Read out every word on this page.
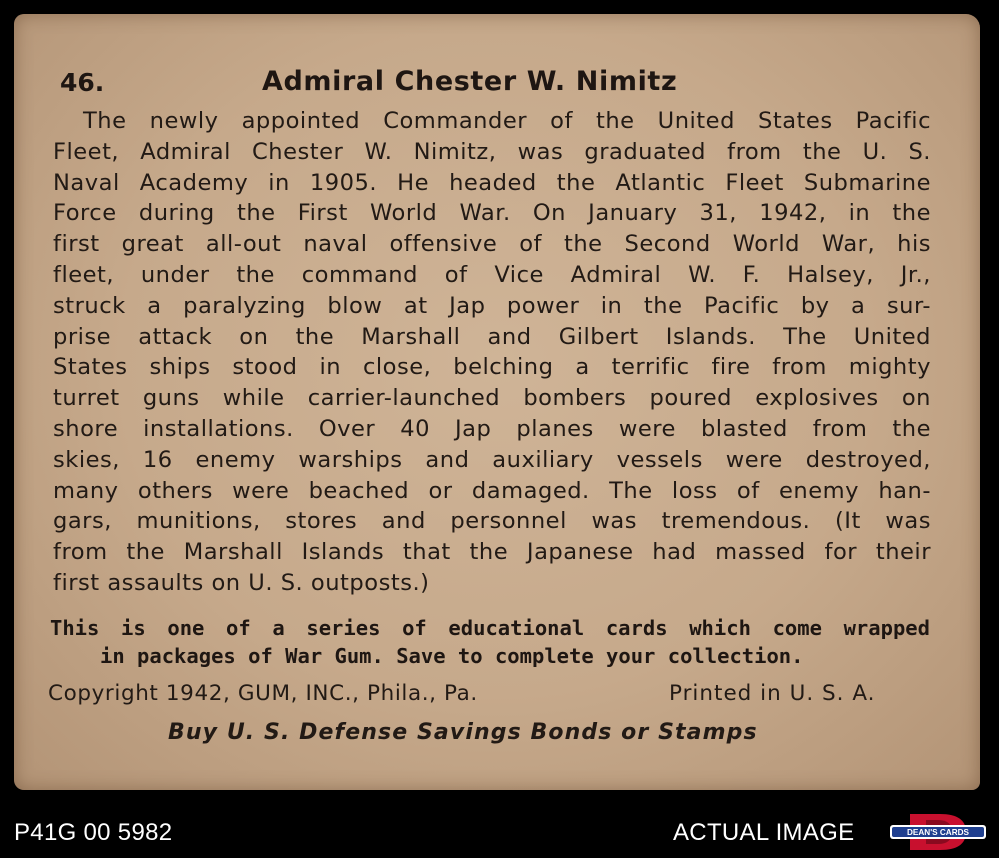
46.	Admiral Chester W. Nimitz

The newly appointed Commander of the United States Pacific
Fleet, Admiral Chester W. Nimitz, was graduated from the U. S.
Naval Academy in 1905. He headed the Atlantic Fleet Submarine
Force during the First World War. On January 31, 1942, in the
first great all-out naval offensive of the Second World War, his
fleet, under the command of Vice Admiral W. F. Halsey, Jr.,
struck a paralyzing blow at Jap power in the Pacific by a sur-
prise attack on the Marshall and Gilbert Islands. The United
States ships stood in close, belching a terrific fire from mighty
turret guns while carrier-launched bombers poured explosives on
shore installations. Over 40 Jap planes were blasted from the
skies, 16 enemy warships and auxiliary vessels were destroyed,
many others were beached or damaged. The loss of enemy han-
gars, munitions, stores and personnel was tremendous. (It was
from the Marshall Islands that the Japanese had massed for their
first assaults on U. S. outposts.)

This is one of a series of educational cards which come wrapped
in packages of War Gum. Save to complete your collection.
Copyright 1942, GUM, INC., Phila., Pa.	Printed in U. S. A.
Buy U. S. Defense Savings Bonds or Stamps
P41G 00 5982	ACTUAL IMAGE	DEAN'S CARDS
